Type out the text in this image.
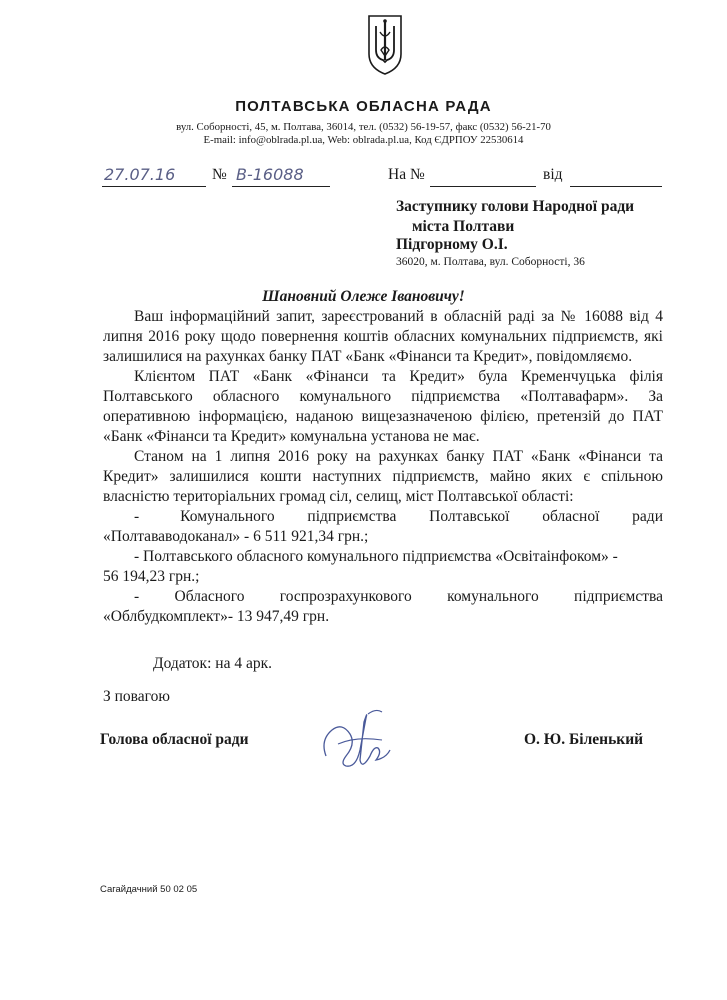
ПОЛТАВСЬКА ОБЛАСНА РАДА
вул. Соборності, 45, м. Полтава, 36014, тел. (0532) 56-19-57, факс (0532) 56-21-70
E-mail: info@oblrada.pl.ua, Web: oblrada.pl.ua, Код ЄДРПОУ 22530614
27.07.16 № В-16088	На №	від
Заступнику голови Народної ради
міста Полтави
Підгорному О.І.
36020, м. Полтава, вул. Соборності, 36
Шановний Олеже Івановичу!

Ваш інформаційний запит, зареєстрований в обласній раді за № 16088 від 4 липня 2016 року щодо повернення коштів обласних комунальних підприємств, які залишилися на рахунках банку ПАТ «Банк «Фінанси та Кредит», повідомляємо.

Клієнтом ПАТ «Банк «Фінанси та Кредит» була Кременчуцька філія Полтавського обласного комунального підприємства «Полтавафарм». За оперативною інформацією, наданою вищезазначеною філією, претензій до ПАТ «Банк «Фінанси та Кредит» комунальна установа не має.

Станом на 1 липня 2016 року на рахунках банку ПАТ «Банк «Фінанси та Кредит» залишилися кошти наступних підприємств, майно яких є спільною власністю територіальних громад сіл, селищ, міст Полтавської області:

-     Комунального    підприємства    Полтавської    обласної    ради

«Полтававодоканал» - 6 511 921,34 грн.;

- Полтавського обласного комунального підприємства «Освітаінфоком» -

56 194,23 грн.;

-    Обласного    госпрозрахункового    комунального    підприємства

«Облбудкомплект»- 13 947,49 грн.

Додаток: на 4 арк.
З повагою
Голова обласної ради	О. Ю. Біленький
Сагайдачний 50 02 05
